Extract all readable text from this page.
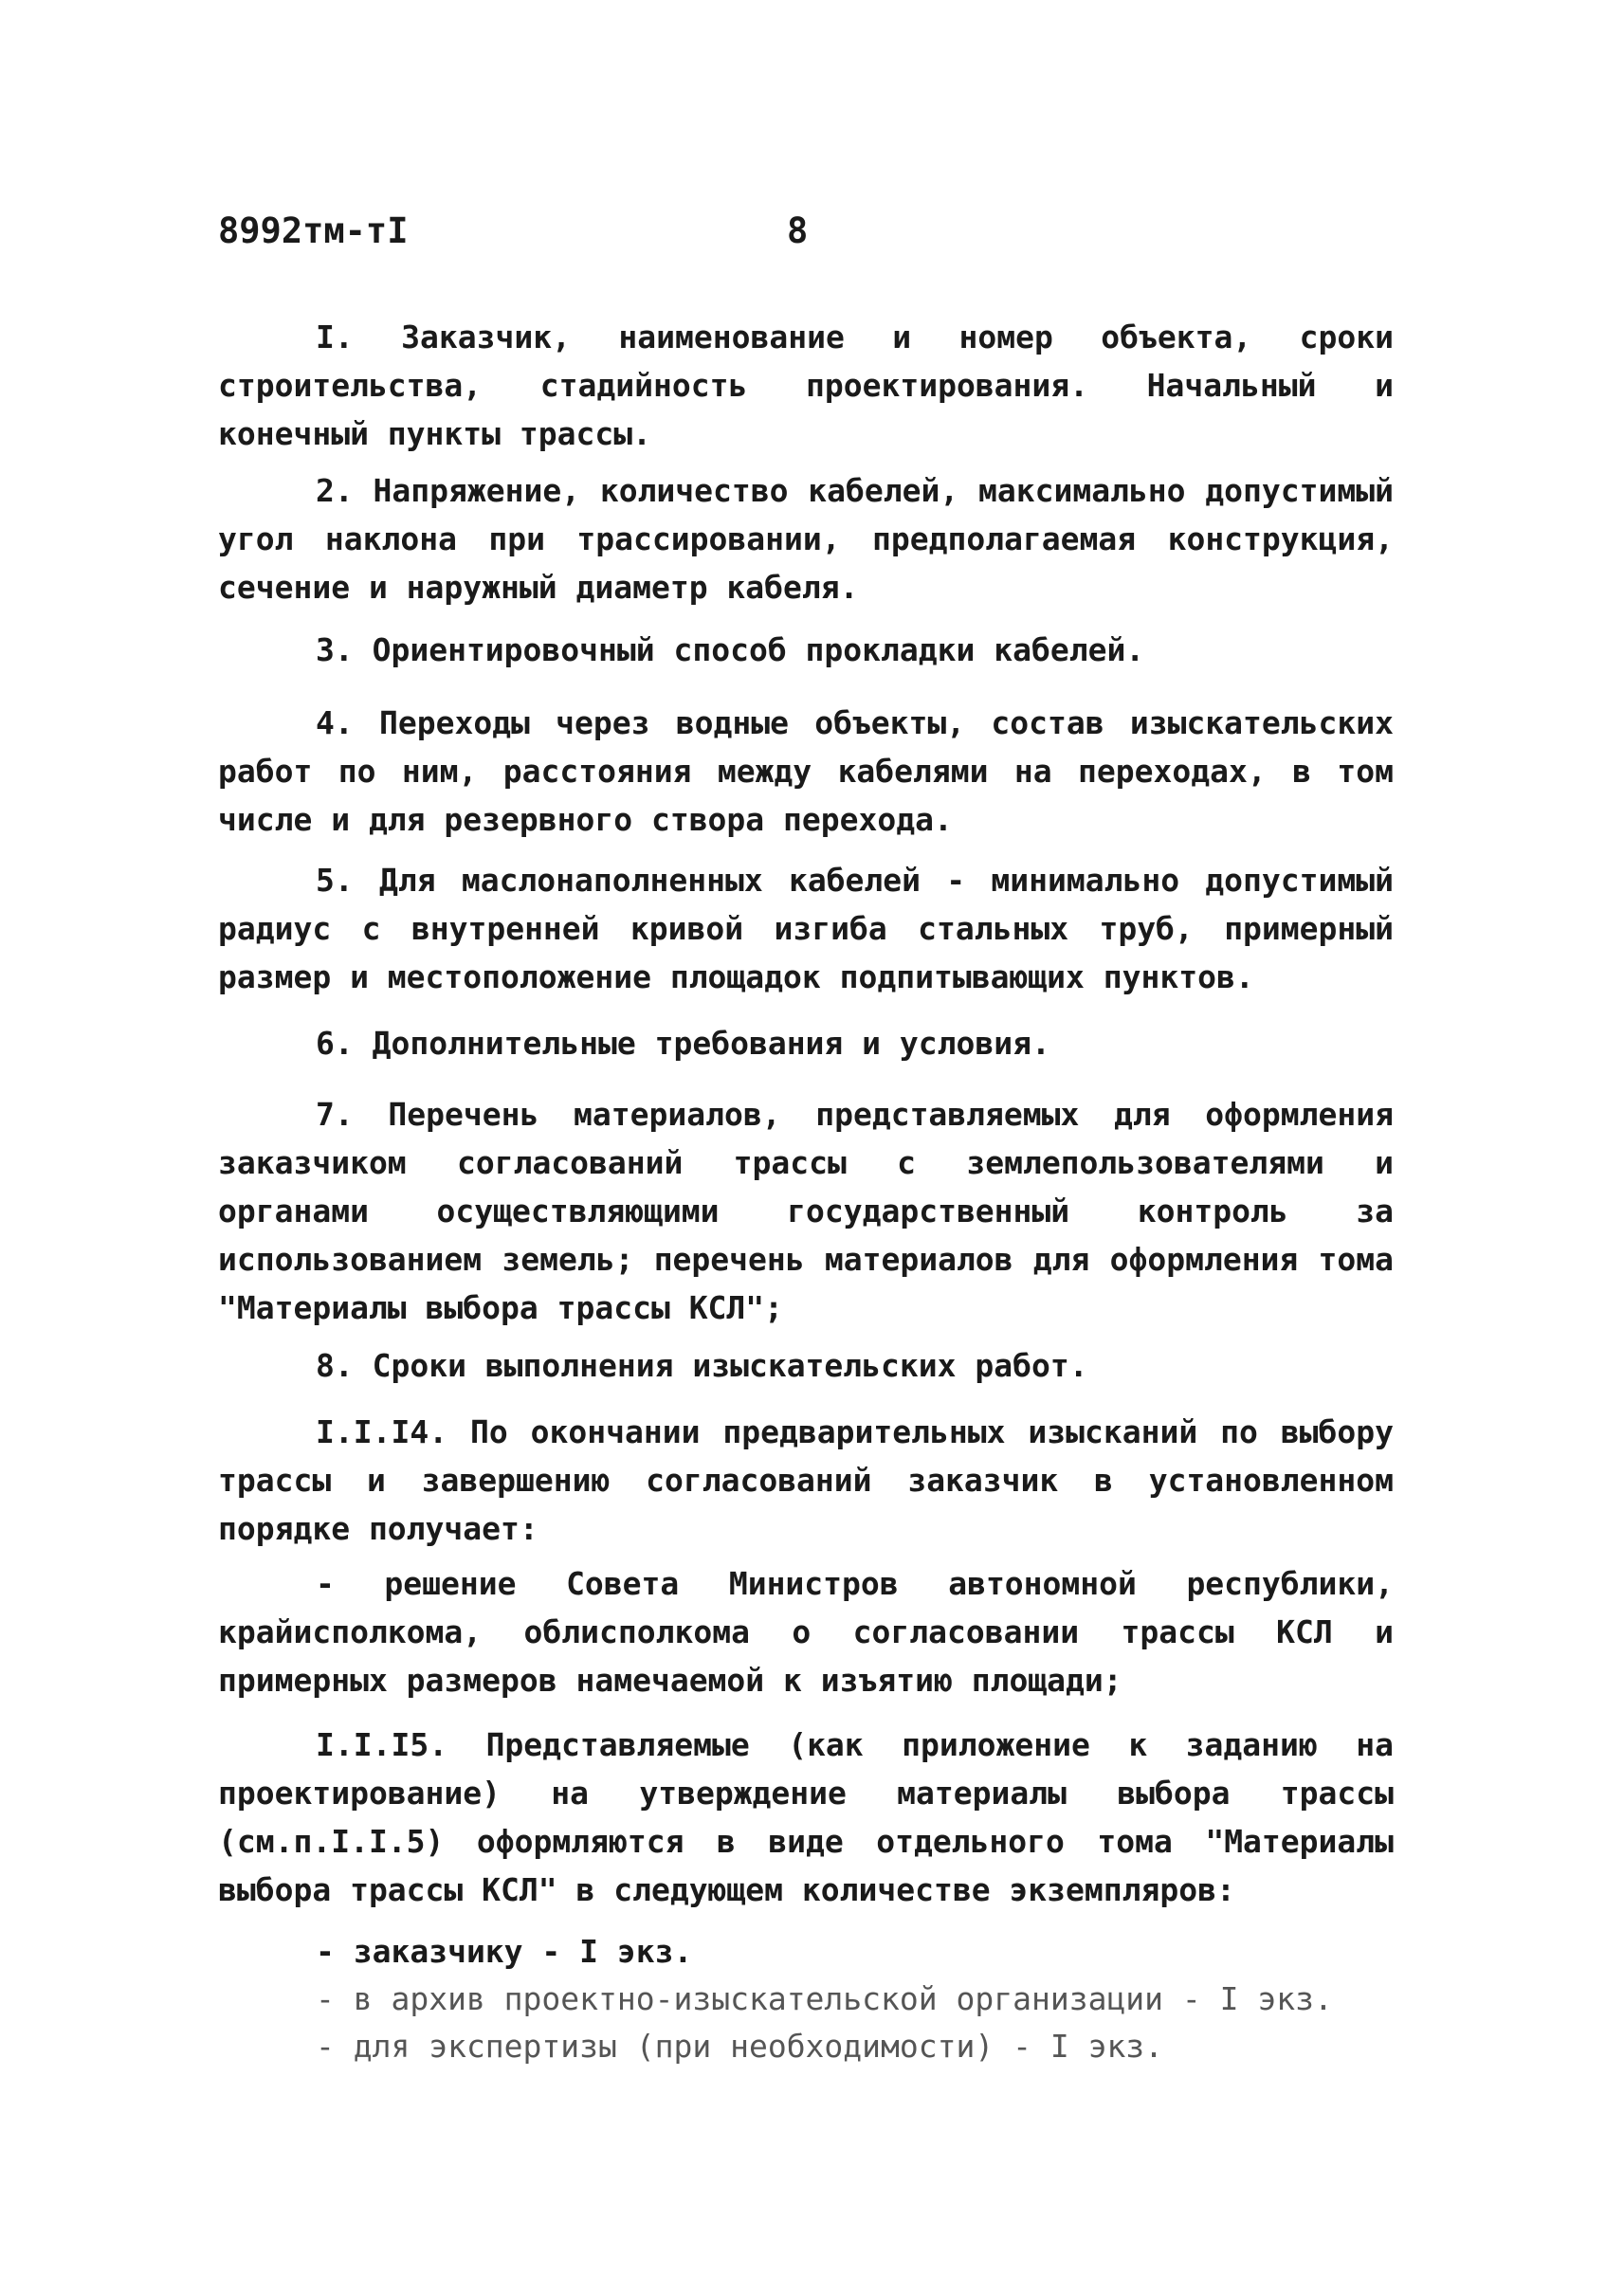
8992тм-тI	8

I. Заказчик, наименование и номер объекта, сроки строительства, стадийность проектирования. Начальный и конечный пункты трассы.

2. Напряжение, количество кабелей, максимально допустимый угол наклона при трассировании, предполагаемая конструкция, сечение и наружный диаметр кабеля.

3. Ориентировочный способ прокладки кабелей.

4. Переходы через водные объекты, состав изыскательских работ по ним, расстояния между кабелями на переходах, в том числе и для резервного створа перехода.

5. Для маслонаполненных кабелей - минимально допустимый радиус с внутренней кривой изгиба стальных труб, примерный размер и местоположение площадок подпитывающих пунктов.

6. Дополнительные требования и условия.

7. Перечень материалов, представляемых для оформления заказчиком согласований трассы с землепользователями и органами осуществляющими государственный контроль за использованием земель; перечень материалов для оформления тома "Материалы выбора трассы КСЛ";

8. Сроки выполнения изыскательских работ.

I.I.I4. По окончании предварительных изысканий по выбору трассы и завершению согласований заказчик в установленном порядке получает:

- решение Совета Министров автономной республики, крайисполкома, облисполкома о согласовании трассы КСЛ и примерных размеров намечаемой к изъятию площади;

I.I.I5. Представляемые (как приложение к заданию на проектирование) на утверждение материалы выбора трассы (см.п.I.I.5) оформляются в виде отдельного тома "Материалы выбора трассы КСЛ" в следующем количестве экземпляров:

- заказчику - I экз.

- в архив проектно-изыскательской организации - I экз.

- для экспертизы (при необходимости) - I экз.
